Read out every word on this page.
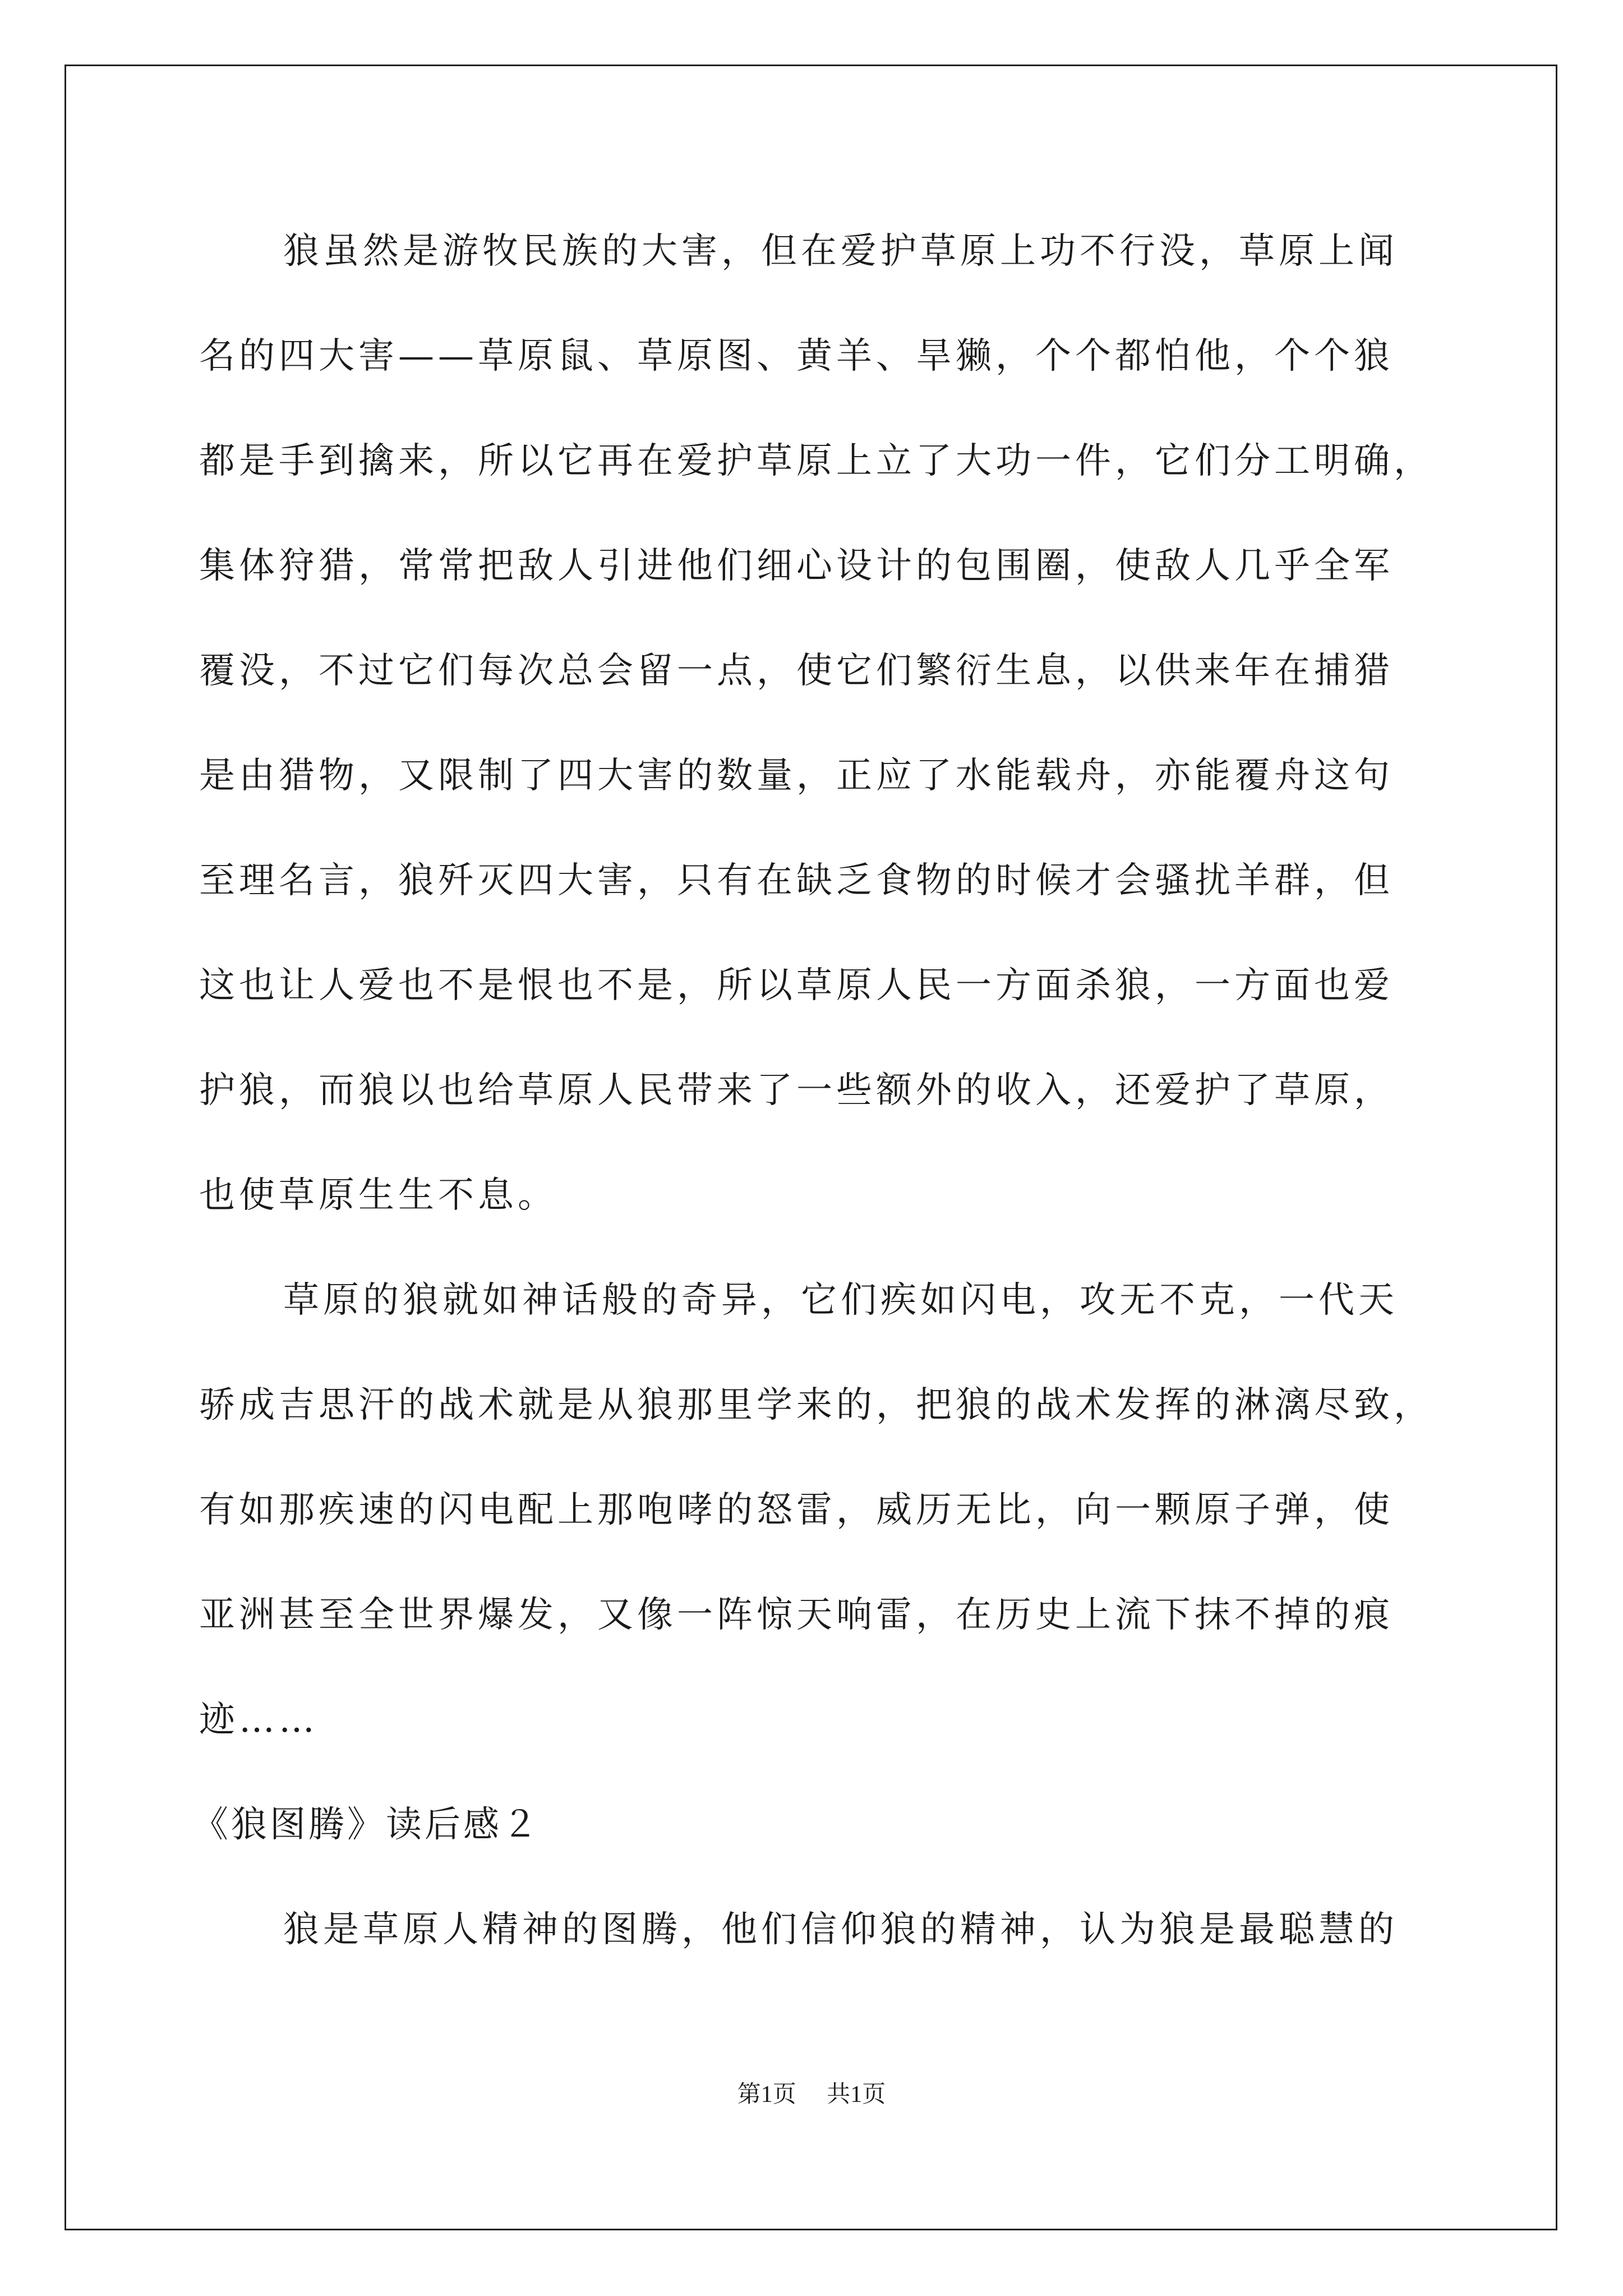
狼虽然是游牧民族的大害，但在爱护草原上功不行没，草原上闻
名的四大害——草原鼠、草原图、黄羊、旱獭，个个都怕他，个个狼
都是手到擒来，所以它再在爱护草原上立了大功一件，它们分工明确，
集体狩猎，常常把敌人引进他们细心设计的包围圈，使敌人几乎全军
覆没，不过它们每次总会留一点，使它们繁衍生息，以供来年在捕猎
是由猎物，又限制了四大害的数量，正应了水能载舟，亦能覆舟这句
至理名言，狼歼灭四大害，只有在缺乏食物的时候才会骚扰羊群，但
这也让人爱也不是恨也不是，所以草原人民一方面杀狼，一方面也爱
护狼，而狼以也给草原人民带来了一些额外的收入，还爱护了草原，
也使草原生生不息。
草原的狼就如神话般的奇异，它们疾如闪电，攻无不克，一代天
骄成吉思汗的战术就是从狼那里学来的，把狼的战术发挥的淋漓尽致，
有如那疾速的闪电配上那咆哮的怒雷，威历无比，向一颗原子弹，使
亚洲甚至全世界爆发，又像一阵惊天响雷，在历史上流下抹不掉的痕
迹……
《狼图腾》读后感２
狼是草原人精神的图腾，他们信仰狼的精神，认为狼是最聪慧的
第1页 共1页
